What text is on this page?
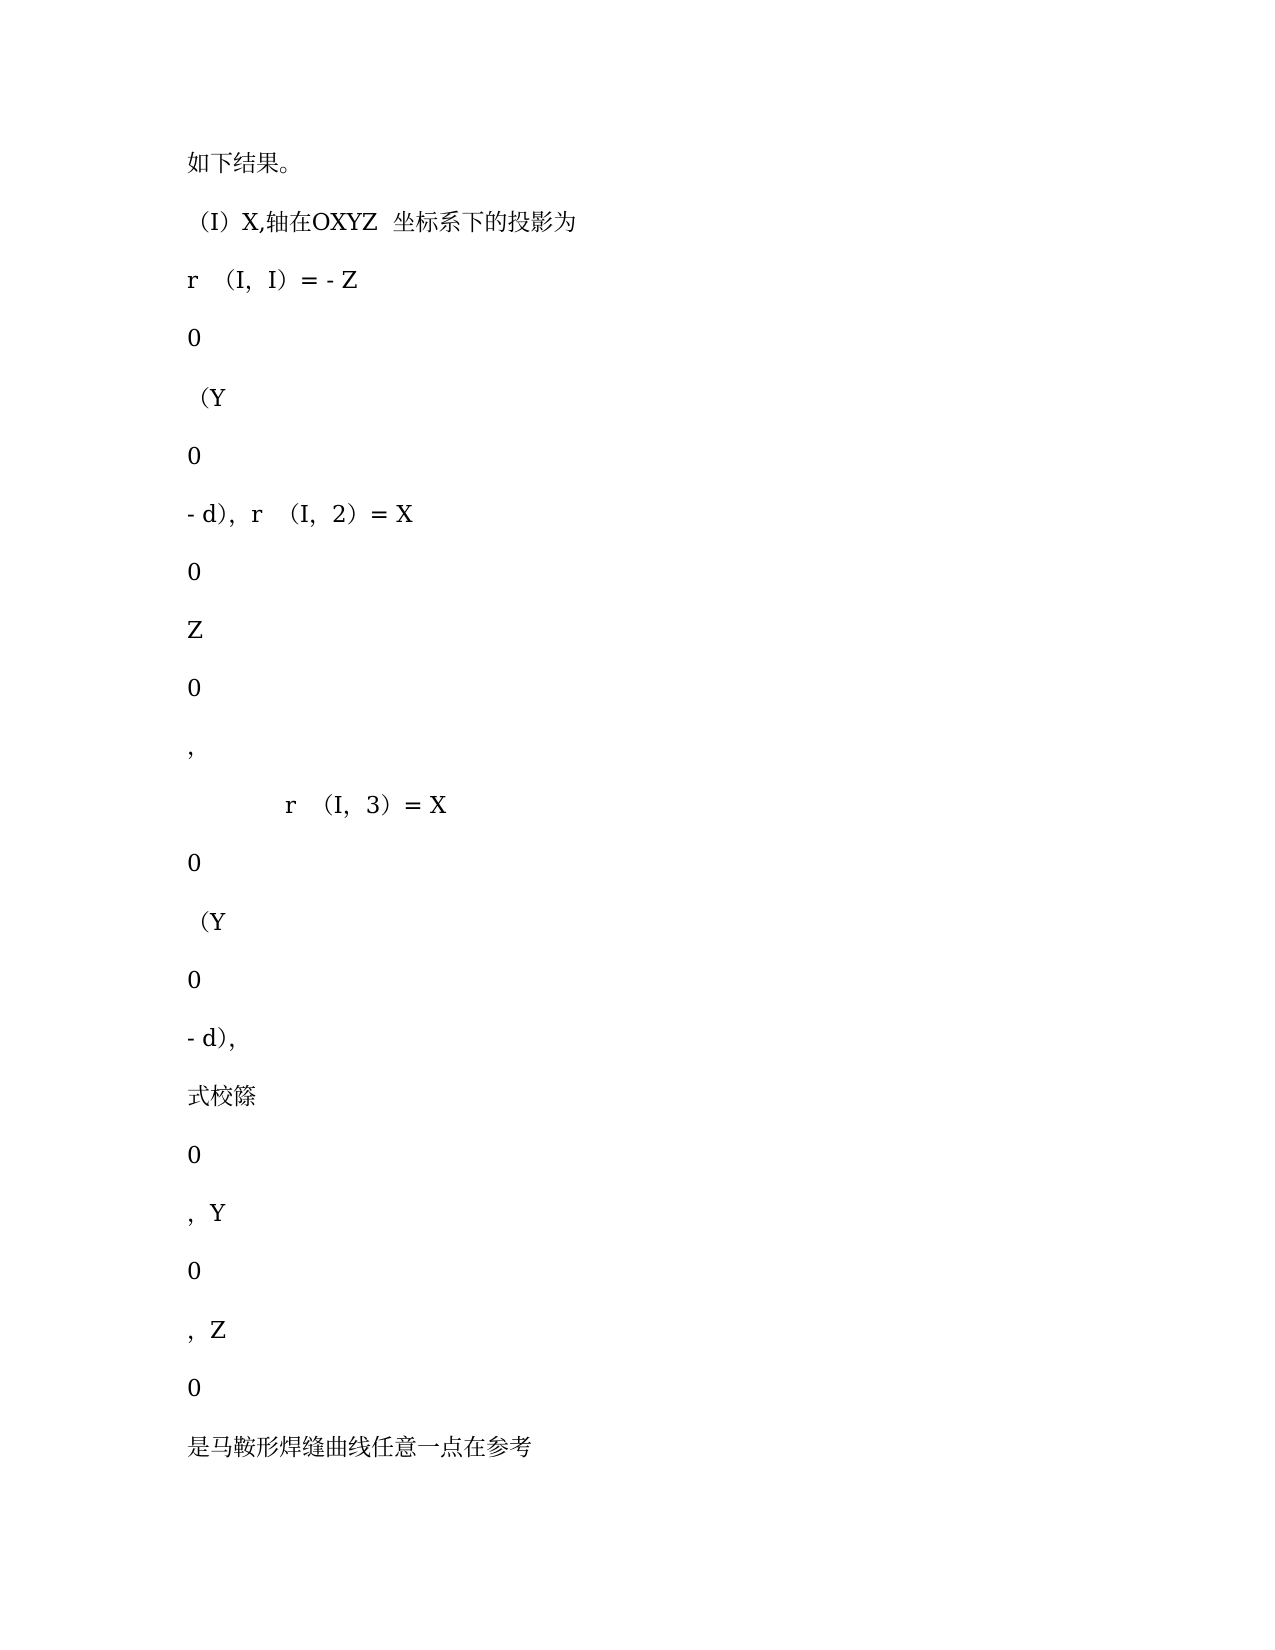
如下结果。
（I）X,轴在OXYZ  坐标系下的投影为
r  （I，I）= - Z
0
（Y
0
- d），r  （I，2）= X
0
Z
0
，
r  （I，3）= X
0
（Y
0
- d），
式校篨
0
，Y
0
，Z
0
是马鞍形焊缝曲线任意一点在参考
